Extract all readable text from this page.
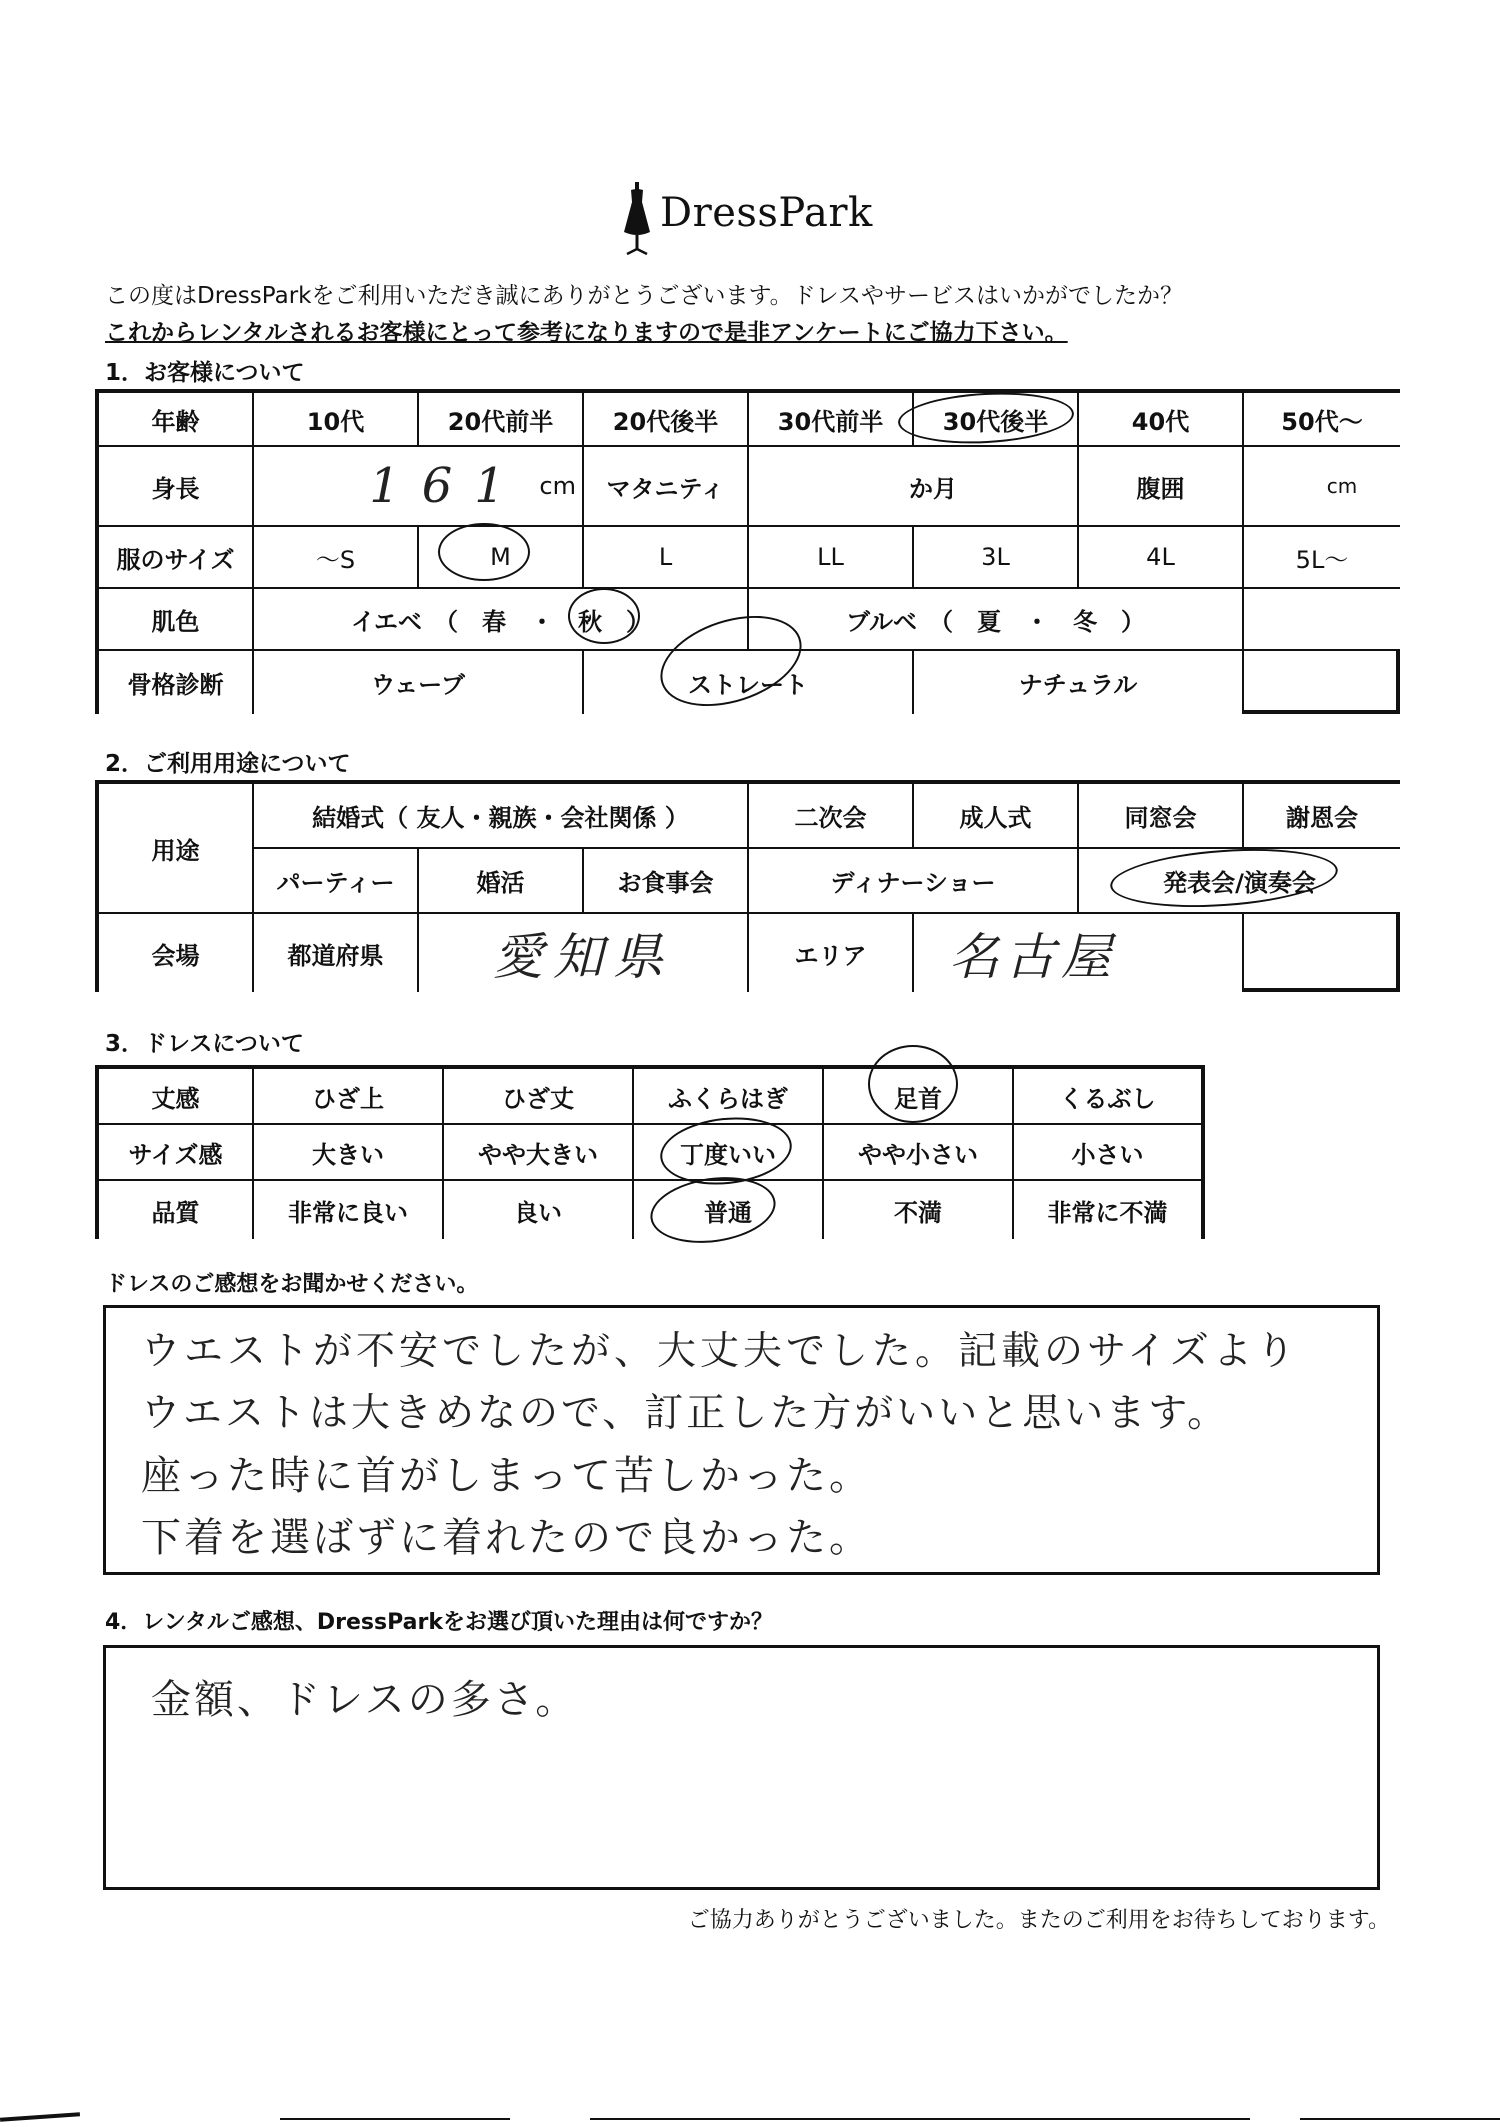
DressPark
この度はDressParkをご利用いただき誠にありがとうございます。ドレスやサービスはいかがでしたか？
これからレンタルされるお客様にとって参考になりますので是非アンケートにご協力下さい。
1．お客様について
年齢	10代	20代前半	20代後半	30代前半	30代後半	40代	50代～
身長	161 cm	マタニティ	か月	腹囲	cm
服のサイズ	～S	M	L	LL	3L	4L	5L～
肌色	イエベ　（　春　・　秋　）	ブルベ　（　夏　・　冬　）
骨格診断	ウェーブ	ストレート	ナチュラル
2．ご利用用途について
用途
結婚式（ 友人・親族・会社関係 ）	二次会	成人式	同窓会	謝恩会
パーティー	婚活	お食事会	ディナーショー	発表会/演奏会
会場	都道府県	愛知県	エリア	名古屋
3．ドレスについて
丈感	ひざ上	ひざ丈	ふくらはぎ	足首	くるぶし
サイズ感	大きい	やや大きい	丁度いい	やや小さい	小さい
品質	非常に良い	良い	普通	不満	非常に不満
ドレスのご感想をお聞かせください。
ウエストが不安でしたが、大丈夫でした。記載のサイズより
ウエストは大きめなので、訂正した方がいいと思います。
座った時に首がしまって苦しかった。
下着を選ばずに着れたので良かった。
4．レンタルご感想、DressParkをお選び頂いた理由は何ですか？
金額、ドレスの多さ。
ご協力ありがとうございました。またのご利用をお待ちしております。
